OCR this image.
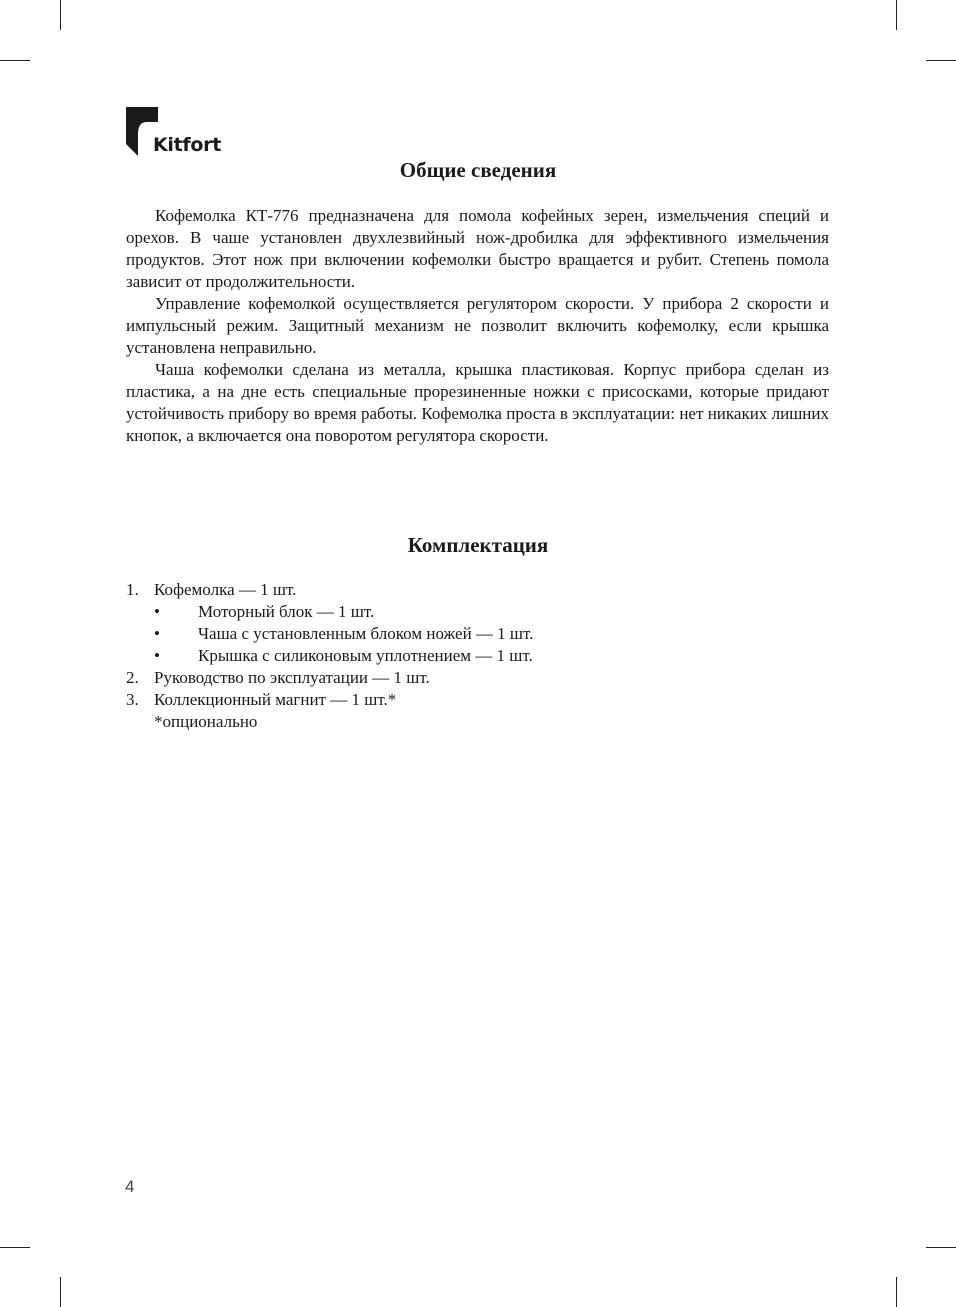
Kitfort
Общие сведения

Кофемолка КТ-776 предназначена для помола кофейных зерен, измельчения специй и орехов. В чаше установлен двухлезвийный нож-дробилка для эффективного измельчения продуктов. Этот нож при включении кофемолки быстро вращается и рубит. Степень помола зависит от продолжительности.

Управление кофемолкой осуществляется регулятором скорости. У прибора 2 скорости и импульсный режим. Защитный механизм не позволит включить кофемолку, если крышка установлена неправильно.

Чаша кофемолки сделана из металла, крышка пластиковая. Корпус прибора сделан из пластика, а на дне есть специальные прорезиненные ножки с присосками, которые придают устойчивость прибору во время работы. Кофемолка проста в эксплуатации: нет никаких лишних кнопок, а включается она поворотом регулятора скорости.

Комплектация
1. Кофемолка — 1 шт.
• Моторный блок — 1 шт.
• Чаша с установленным блоком ножей — 1 шт.
• Крышка с силиконовым уплотнением — 1 шт.
2. Руководство по эксплуатации — 1 шт.
3. Коллекционный магнит — 1 шт.*
*опционально
4
